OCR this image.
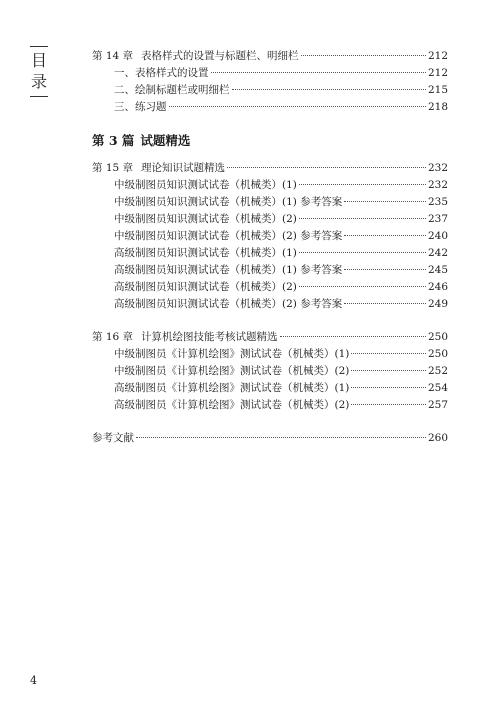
目录
第 14 章 表格样式的设置与标题栏、明细栏	212
一、表格样式的设置	212
二、绘制标题栏或明细栏	215
三、练习题	218
第 3 篇 试题精选
第 15 章 理论知识试题精选	232
中级制图员知识测试试卷（机械类）(1)	232
中级制图员知识测试试卷（机械类）(1) 参考答案	235
中级制图员知识测试试卷（机械类）(2)	237
中级制图员知识测试试卷（机械类）(2) 参考答案	240
高级制图员知识测试试卷（机械类）(1)	242
高级制图员知识测试试卷（机械类）(1) 参考答案	245
高级制图员知识测试试卷（机械类）(2)	246
高级制图员知识测试试卷（机械类）(2) 参考答案	249
第 16 章 计算机绘图技能考核试题精选	250
中级制图员《计算机绘图》测试试卷（机械类）(1)	250
中级制图员《计算机绘图》测试试卷（机械类）(2)	252
高级制图员《计算机绘图》测试试卷（机械类）(1)	254
高级制图员《计算机绘图》测试试卷（机械类）(2)	257
参考文献	260
4
